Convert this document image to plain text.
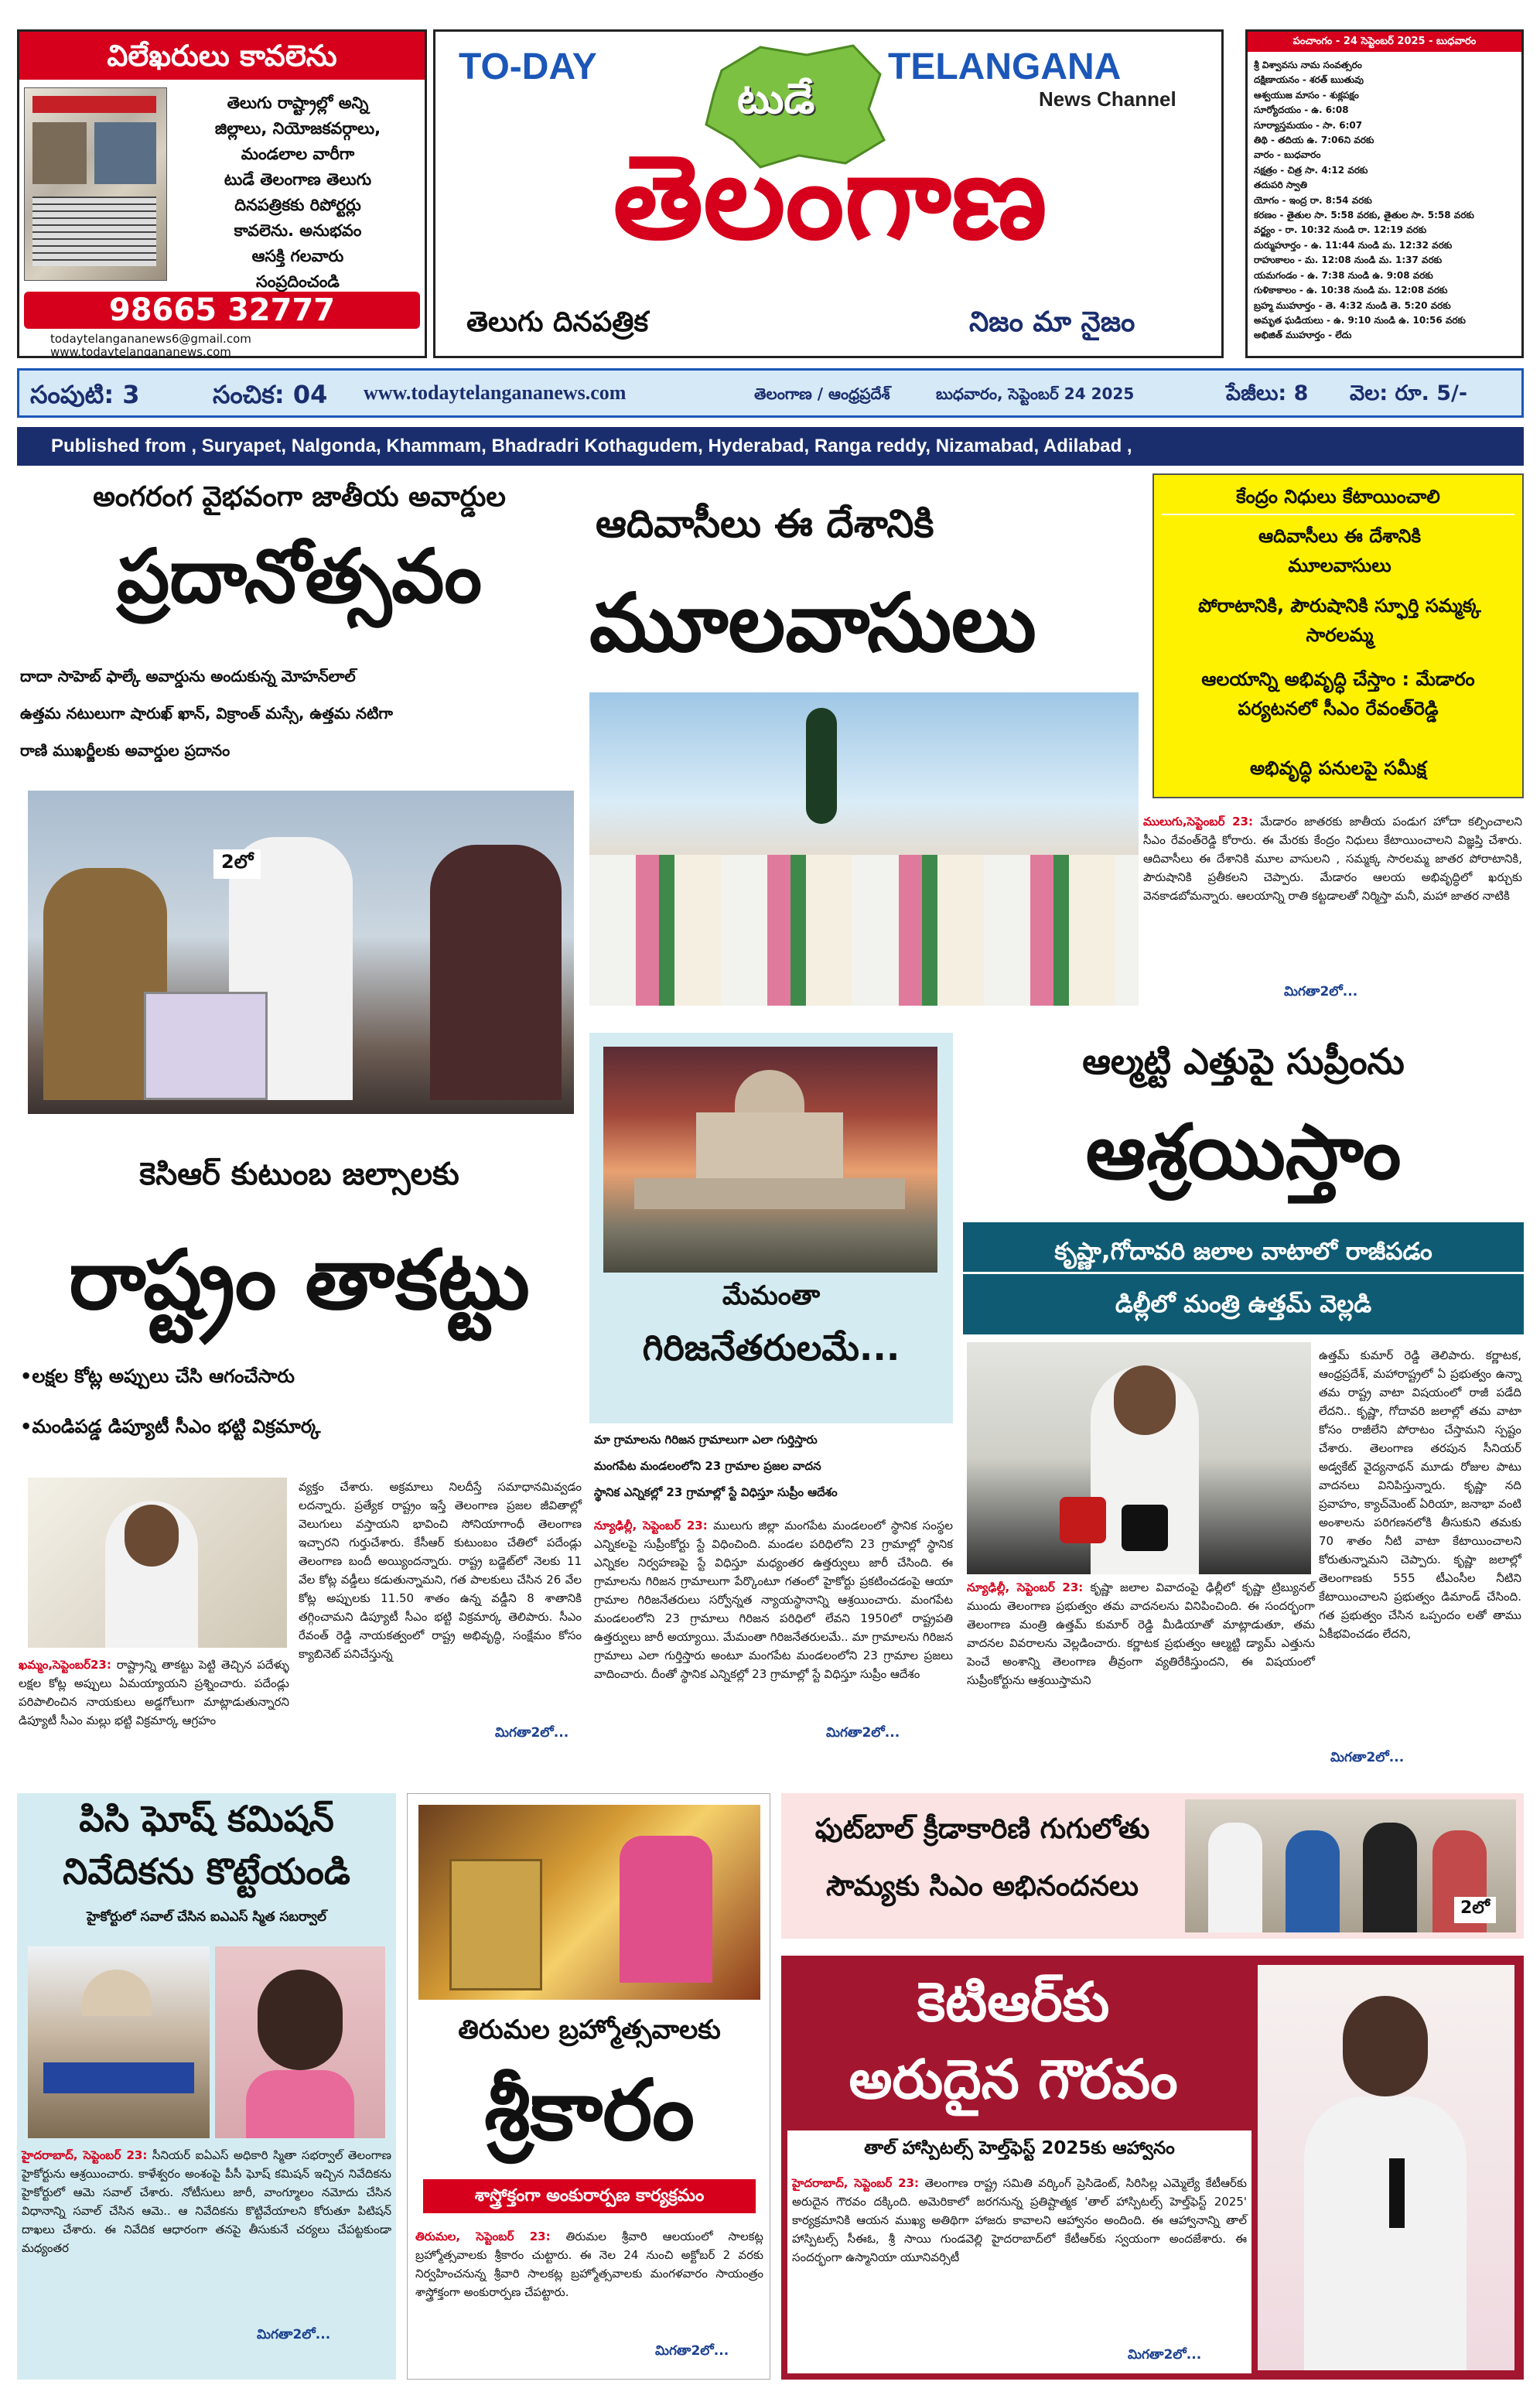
విలేఖరులు కావలెను
తెలుగు రాష్ట్రాల్లో అన్ని
జిల్లాలు, నియోజకవర్గాలు,
మండలాల వారీగా
టుడే తెలంగాణ తెలుగు
దినపత్రికకు రిపోర్టర్లు
కావలెను. అనుభవం
ఆసక్తి గలవారు
సంప్రదించండి
98665 32777
todaytelangananews6@gmail.com
www.todaytelangananews.com
TO-DAY	TELANGANA
News Channel
టుడే
తెలంగాణ
తెలుగు దినపత్రిక	నిజం మా నైజం
పంచాంగం - 24 సెప్టెంబర్ 2025 - బుధవారం
శ్రీ విశ్వావసు నామ సంవత్సరం
దక్షిణాయనం - శరత్ ఋతువు
ఆశ్వయుజ మాసం - శుక్లపక్షం
సూర్యోదయం - ఉ. 6:08
సూర్యాస్తమయం - సా. 6:07
తిథి - తదియ ఉ. 7:06ని వరకు
వారం - బుధవారం
నక్షత్రం - చిత్ర సా. 4:12 వరకు
తదుపరి స్వాతి
యోగం - ఇంద్ర రా. 8:54 వరకు
కరణం - తైతుల సా. 5:58 వరకు, తైతుల సా. 5:58 వరకు
వర్జ్యం - రా. 10:32 నుండి రా. 12:19 వరకు
దుర్ముహూర్తం - ఉ. 11:44 నుండి మ. 12:32 వరకు
రాహుకాలం - మ. 12:08 నుండి మ. 1:37 వరకు
యమగండం - ఉ. 7:38 నుండి ఉ. 9:08 వరకు
గుళికాకాలం - ఉ. 10:38 నుండి మ. 12:08 వరకు
బ్రహ్మ ముహూర్తం - తె. 4:32 నుండి తె. 5:20 వరకు
అమృత ఘడియలు - ఉ. 9:10 నుండి ఉ. 10:56 వరకు
అభిజిత్ ముహూర్తం - లేదు
సంపుటి: 3	సంచిక: 04 www.todaytelangananews.com	తెలంగాణ / ఆంధ్రప్రదేశ్	బుధవారం, సెప్టెంబర్ 24 2025	పేజీలు: 8 వెల: రూ. 5/-
Published from , Suryapet, Nalgonda, Khammam, Bhadradri Kothagudem, Hyderabad, Ranga reddy, Nizamabad, Adilabad ,
అంగరంగ వైభవంగా జాతీయ అవార్డుల
ప్రదానోత్సవం
దాదా సాహెబ్ ఫాల్కే అవార్డును అందుకున్న మోహన్‌లాల్
ఉత్తమ నటులుగా షారుఖ్ ఖాన్, విక్రాంత్ మస్సే, ఉత్తమ నటిగా
రాణి ముఖర్జీలకు అవార్డుల ప్రదానం
2లో
ఆదివాసీలు ఈ దేశానికి
మూలవాసులు
ములుగు,సెప్టెంబర్ 23: మేడారం జాతరకు జాతీయ పండుగ హోదా కల్పించాలని సీఎం రేవంత్‌రెడ్డి కోరారు. ఈ మేరకు కేంద్రం నిధులు కేటాయించాలని విజ్ఞప్తి చేశారు. ఆదివాసీలు ఈ దేశానికి మూల వాసులని , సమ్మక్క సారలమ్మ జాతర పోరాటానికి, పౌరుషానికి ప్రతీకలని చెప్పారు. మేడారం ఆలయ అభివృద్ధిలో ఖర్చుకు వెనకాడబోమన్నారు. ఆలయాన్ని రాతి కట్టడాలతో నిర్మిస్తా మనీ, మహా జాతర నాటికి
మిగతా2లో...
కేంద్రం నిధులు కేటాయించాలి
ఆదివాసీలు ఈ దేశానికి మూలవాసులు
పోరాటానికి, పౌరుషానికి స్ఫూర్తి సమ్మక్క సారలమ్మ
ఆలయాన్ని అభివృద్ధి చేస్తాం : మేడారం పర్యటనలో సీఎం రేవంత్‌రెడ్డి
అభివృద్ధి పనులపై సమీక్ష
కెసిఆర్ కుటుంబ జల్సాలకు
రాష్ట్రం తాకట్టు
•లక్షల కోట్ల అప్పులు చేసి ఆగంచేసారు
•మండిపడ్డ డిప్యూటీ సీఎం భట్టి విక్రమార్క
ఖమ్మం,సెప్టెంబర్23: రాష్ట్రాన్ని తాకట్టు పెట్టి తెచ్చిన పదేళ్ళు లక్షల కోట్ల అప్పులు ఏమయ్యాయని ప్రశ్నించారు. పదేండ్లు పరిపాలించిన నాయకులు అడ్డగోలుగా మాట్లాడుతున్నారని డిప్యూటీ సీఎం మల్లు భట్టి విక్రమార్క ఆగ్రహం
వ్యక్తం చేశారు. అక్రమాలు నిలదీస్తే సమాధానమివ్వడం లదన్నారు. ప్రత్యేక రాష్ట్రం ఇస్తే తెలంగాణ ప్రజల జీవితాల్లో వెలుగులు వస్తాయని భావించి సోనియాగాంధీ తెలంగాణ ఇచ్చారని గుర్తుచేశారు. కేసీఆర్ కుటుంబం చేతిలో పదేండ్లు తెలంగాణ బందీ అయ్యిందన్నారు. రాష్ట్ర బడ్జెట్‌లో నెలకు 11 వేల కోట్ల వడ్డీలు కడుతున్నామని, గత పాలకులు చేసిన 26 వేల కోట్ల అప్పులకు 11.50 శాతం ఉన్న వడ్డీని 8 శాతానికి తగ్గించామని డిప్యూటీ సీఎం భట్టి విక్రమార్క తెలిపారు. సీఎం రేవంత్ రెడ్డి నాయకత్వంలో రాష్ట్ర అభివృద్ధి, సంక్షేమం కోసం క్యాబినెట్ పనిచేస్తున్న
మిగతా2లో...
మేమంతా
గిరిజనేతరులమే...
మా గ్రామాలను గిరిజన గ్రామాలుగా ఎలా గుర్తిస్తారు
మంగపేట మండలంలోని 23 గ్రామాల ప్రజల వాదన
స్థానిక ఎన్నికల్లో 23 గ్రామాల్లో స్టే విధిస్తూ సుప్రీం ఆదేశం
న్యూఢిల్లీ, సెప్టెంబర్ 23: ములుగు జిల్లా మంగపేట మండలంలో స్థానిక సంస్థల ఎన్నికలపై సుప్రీంకోర్టు స్టే విధించింది. మండల పరిధిలోని 23 గ్రామాల్లో స్థానిక ఎన్నికల నిర్వహణపై స్టే విధిస్తూ మధ్యంతర ఉత్తర్వులు జారీ చేసింది. ఈ గ్రామాలను గిరిజన గ్రామాలుగా పేర్కొంటూ గతంలో హైకోర్టు ప్రకటించడంపై ఆయా గ్రామాల గిరిజనేతరులు సర్వోన్నత న్యాయస్థానాన్ని ఆశ్రయించారు. మంగపేట మండలంలోని 23 గ్రామాలు గిరిజన పరిధిలో లేవని 1950లో రాష్ట్రపతి ఉత్తర్వులు జారీ అయ్యాయి. మేమంతా గిరిజనేతరులమే.. మా గ్రామాలను గిరిజన గ్రామాలు ఎలా గుర్తిస్తారు అంటూ మంగపేట మండలంలోని 23 గ్రామాల ప్రజలు వాదించారు. దీంతో స్థానిక ఎన్నికల్లో 23 గ్రామాల్లో స్టే విధిస్తూ సుప్రీం ఆదేశం
మిగతా2లో...
ఆల్మట్టి ఎత్తుపై సుప్రీంను
ఆశ్రయిస్తాం
కృష్ణా,గోదావరి జలాల వాటాలో రాజీపడం
డిల్లీలో మంత్రి ఉత్తమ్ వెల్లడి
ఉత్తమ్ కుమార్ రెడ్డి తెలిపారు. కర్ణాటక, ఆంధ్రప్రదేశ్, మహారాష్ట్రలో ఏ ప్రభుత్వం ఉన్నా తమ రాష్ట్ర వాటా విషయంలో రాజీ పడేది లేదని.. కృష్ణా, గోదావరి జలాల్లో తమ వాటా కోసం రాజీలేని పోరాటం చేస్తామని స్పష్టం చేశారు. తెలంగాణ తరపున సీనియర్ అడ్వకేట్ వైద్యనాథన్ మూడు రోజుల పాటు వాదనలు వినిపిస్తున్నారు. కృష్ణా నది ప్రవాహం, క్యాచ్‌మెంట్ ఏరియా, జనాభా వంటి అంశాలను పరిగణనలోకి తీసుకుని తమకు 70 శాతం నీటి వాటా కేటాయించాలని కోరుతున్నామని చెప్పారు. కృష్ణా జలాల్లో తెలంగాణకు 555 టీఎంసీల నీటిని కేటాయించాలని ప్రభుత్వం డిమాండ్ చేసింది. గత ప్రభుత్వం చేసిన ఒప్పందం లతో తాము ఏకీభవించడం లేదని,
న్యూఢిల్లీ, సెప్టెంబర్ 23: కృష్ణా జలాల వివాదంపై ఢిల్లీలో కృష్ణా ట్రిబ్యునల్ ముందు తెలంగాణ ప్రభుత్వం తమ వాదనలను వినిపించింది. ఈ సందర్భంగా తెలంగాణ మంత్రి ఉత్తమ్ కుమార్ రెడ్డి మీడియాతో మాట్లాడుతూ, తమ వాదనల వివరాలను వెల్లడించారు. కర్ణాటక ప్రభుత్వం ఆల్మట్టి డ్యామ్ ఎత్తును పెంచే అంశాన్ని తెలంగాణ తీవ్రంగా వ్యతిరేకిస్తుందని, ఈ విషయంలో సుప్రీంకోర్టును ఆశ్రయిస్తామని
మిగతా2లో...
పిసి ఘోష్ కమిషన్
నివేదికను కొట్టేయండి
హైకోర్టులో సవాల్ చేసిన ఐఎఎస్ స్మిత సబర్వాల్
హైదరాబాద్, సెప్టెంబర్ 23: సీనియర్ ఐఏఎస్ అధికారి స్మితా సభర్వాల్ తెలంగాణ హైకోర్టును ఆశ్రయించారు. కాళేశ్వరం అంశంపై పీసీ ఘోష్ కమిషన్ ఇచ్చిన నివేదికను హైకోర్టులో ఆమె సవాల్ చేశారు. నోటీసులు జారీ, వాంగ్మూలం నమోదు చేసిన విధానాన్ని సవాల్ చేసిన ఆమె.. ఆ నివేదికను కొట్టివేయాలని కోరుతూ పిటిషన్ దాఖలు చేశారు. ఈ నివేదిక ఆధారంగా తనపై తీసుకునే చర్యలు చేపట్టకుండా మధ్యంతర
మిగతా2లో...
తిరుమల బ్రహ్మోత్సవాలకు
శ్రీకారం
శాస్త్రోక్తంగా అంకురార్పణ కార్యక్రమం
తిరుమల, సెప్టెంబర్ 23: తిరుమల శ్రీవారి ఆలయంలో సాలకట్ల బ్రహ్మోత్సవాలకు శ్రీకారం చుట్టారు. ఈ నెల 24 నుంచి అక్టోబర్ 2 వరకు నిర్వహించనున్న శ్రీవారి సాలకట్ల బ్రహ్మోత్సవాలకు మంగళవారం సాయంత్రం శాస్త్రోక్తంగా అంకురార్పణ చేపట్టారు.
మిగతా2లో...
ఫుట్‌బాల్ క్రీడాకారిణి గుగులోతు
సౌమ్యకు సిఎం అభినందనలు
2లో
కెటిఆర్‌కు
అరుదైన గౌరవం
తాల్ హాస్పిటల్స్ హెల్త్‌ఫెస్ట్ 2025కు ఆహ్వానం
హైదరాబాద్, సెప్టెంబర్ 23: తెలంగాణ రాష్ట్ర సమితి వర్కింగ్ ప్రెసిడెంట్, సిరిసిల్ల ఎమ్మెల్యే కేటీఆర్‌కు అరుదైన గౌరవం దక్కింది. అమెరికాలో జరగనున్న ప్రతిష్టాత్మక 'తాల్ హాస్పిటల్స్ హెల్త్‌ఫెస్ట్ 2025' కార్యక్రమానికి ఆయన ముఖ్య అతిథిగా హాజరు కావాలని ఆహ్వానం అందింది. ఈ ఆహ్వానాన్ని తాల్ హాస్పిటల్స్ సీఈఓ, శ్రీ సాయి గుండవెల్లి హైదరాబాద్‌లో కేటీఆర్‌కు స్వయంగా అందజేశారు. ఈ సందర్భంగా ఉస్మానియా యూనివర్సిటీ
మిగతా2లో...
